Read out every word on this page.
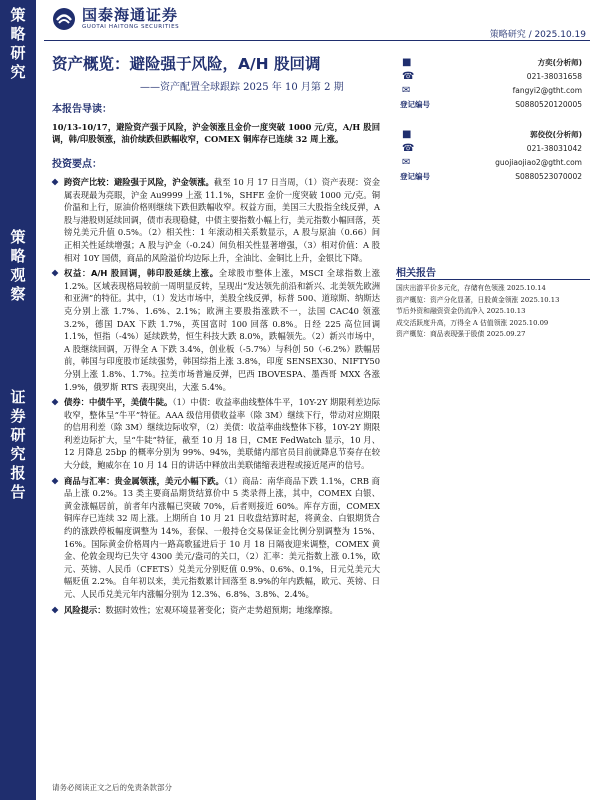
策
略
研
究
策
略
观
察
证
券
研
究
报
告
国泰海通证券
GUOTAI HAITONG SECURITIES
策略研究 / 2025.10.19
资产概览：避险强于风险，A/H 股回调
——资产配置全球跟踪 2025 年 10 月第 2 期
本报告导读：

10/13-10/17，避险资产强于风险，沪金领涨且金价一度突破 1000 元/克，A/H 股回调，韩/印股领涨，油价续跌但跌幅收窄，COMEX 铜库存已连续 32 周上涨。

投资要点：
跨资产比较：避险强于风险，沪金领涨。截至 10 月 17 日当周，（1）资产表现：资金属表现最为亮眼，沪金 Au9999 上涨 11.1%，SHFE 金价一度突破 1000 元/克。铜价温和上行，原油价格则继续下跌但跌幅收窄。权益方面，美国三大股指全线反弹，A 股与港股则延续回调，债市表现稳健，中债主要指数小幅上行，美元指数小幅回落，英镑兑美元升值 0.5%。（2）相关性：1 年滚动相关系数显示，A 股与原油（0.66）间正相关性延续增强；A 股与沪金（-0.24）间负相关性显著增强，（3）相对价值：A 股相对 10Y 国债，商品的风险溢价均边际上升，全油比、金铜比上升，金银比下降。
权益：A/H 股回调，韩印股延续上涨。全球股市整体上涨，MSCI 全球指数上涨 1.2%。区域表现格局较前一周明显反转，呈现出“发达领先前沿和新兴、北美领先欧洲和亚洲”的特征。其中，（1）发达市场中，美股全线反弹，标普 500、道琼斯、纳斯达克分别上涨 1.7%、1.6%、2.1%；欧洲主要股指涨跌不一，法国 CAC40 领涨 3.2%，德国 DAX 下跌 1.7%，英国富时 100 回落 0.8%。日经 225 高位回调 1.1%，恒指（-4%）延续跌势，恒生科技大跌 8.0%，跌幅领先。（2）新兴市场中，A 股继续回调，万得全 A 下跌 3.4%，创业板（-5.7%）与科创 50（-6.2%）跌幅居前，韩国与印度股市延续强势，韩国综指上涨 3.8%，印度 SENSEX30、NIFTY50 分别上涨 1.8%、1.7%。拉美市场普遍反弹，巴西 IBOVESPA、墨西哥 MXX 各涨 1.9%，俄罗斯 RTS 表现突出，大涨 5.4%。
债券：中债牛平，美债牛陡。（1）中债：收益率曲线整体牛平，10Y-2Y 期限利差边际收窄，整体呈“牛平”特征。AAA 级信用债收益率（除 3M）继续下行，带动对应期限的信用利差（除 3M）继续边际收窄，（2）美债：收益率曲线整体下移，10Y-2Y 期限利差边际扩大，呈“牛陡”特征，截至 10 月 18 日，CME FedWatch 显示，10 月、12 月降息 25bp 的概率分别为 99%、94%，美联储内部官员目前就降息节奏存在较大分歧，鲍威尔在 10 月 14 日的讲话中释放出美联储缩表进程或接近尾声的信号。
商品与汇率：贵金属领涨，美元小幅下跌。（1）商品：南华商品下跌 1.1%，CRB 商品上涨 0.2%。13 类主要商品期货结算价中 5 类录得上涨，其中，COMEX 白银、黄金涨幅居前，前者年内涨幅已突破 70%，后者则接近 60%。库存方面，COMEX 铜库存已连续 32 周上涨。上期所自 10 月 21 日收盘结算时起，将黄金、白银期货合约的涨跌停板幅度调整为 14%，套保、一般持仓交易保证金比例分别调整为 15%、16%。国际黄金价格周内一路高歌猛进后于 10 月 18 日隔夜迎来调整，COMEX 黄金、伦敦金现均已失守 4300 美元/盎司的关口，（2）汇率：美元指数上涨 0.1%，欧元、英镑、人民币（CFETS）兑美元分别贬值 0.9%、0.6%、0.1%，日元兑美元大幅贬值 2.2%。自年初以来，美元指数累计回落至 8.9%的年内跌幅，欧元、英镑、日元、人民币兑美元年内涨幅分别为 12.3%、6.8%、3.8%、2.4%。
风险提示：数据时效性；宏观环境显著变化；资产走势超预期；地缘摩擦。
■	方奕(分析师)
☎	021-38031658
✉	fangyi2@gtht.com
登记编号	S0880520120005
■	郭佼佼(分析师)
☎	021-38031042
✉	guojiaojiao2@gtht.com
登记编号	S0880523070002
相关报告
国庆出游平价多元化，存储有色领涨 2025.10.14
资产概览：资产分化显著，日股黄金领涨 2025.10.13
节后外资和融资资金仍流净入 2025.10.13
成交活跃度升高，万得全 A 估值领涨 2025.10.09
资产概览：商品表现强于股债 2025.09.27
请务必阅读正文之后的免责条款部分
